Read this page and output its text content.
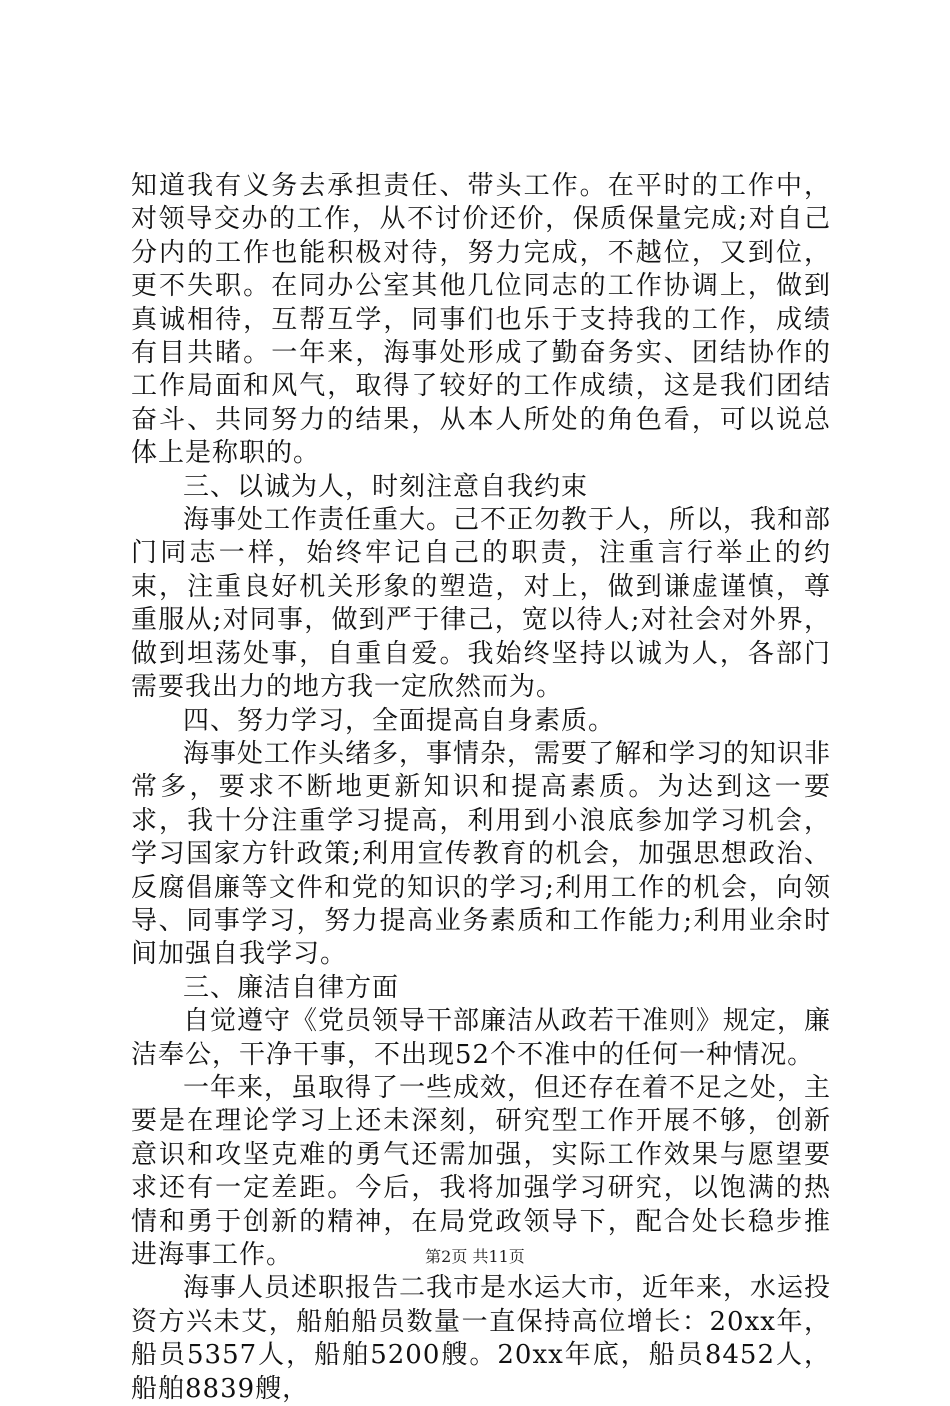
知道我有义务去承担责任、带头工作。在平时的工作中，对领导交办的工作，从不讨价还价，保质保量完成;对自己分内的工作也能积极对待，努力完成，不越位，又到位，更不失职。在同办公室其他几位同志的工作协调上，做到真诚相待，互帮互学，同事们也乐于支持我的工作，成绩有目共睹。一年来，海事处形成了勤奋务实、团结协作的工作局面和风气，取得了较好的工作成绩，这是我们团结奋斗、共同努力的结果，从本人所处的角色看，可以说总体上是称职的。

三、以诚为人，时刻注意自我约束

海事处工作责任重大。己不正勿教于人，所以，我和部门同志一样，始终牢记自己的职责，注重言行举止的约束，注重良好机关形象的塑造，对上，做到谦虚谨慎，尊重服从;对同事，做到严于律己，宽以待人;对社会对外界，做到坦荡处事，自重自爱。我始终坚持以诚为人，各部门需要我出力的地方我一定欣然而为。

四、努力学习，全面提高自身素质。

海事处工作头绪多，事情杂，需要了解和学习的知识非常多，要求不断地更新知识和提高素质。为达到这一要求，我十分注重学习提高，利用到小浪底参加学习机会，学习国家方针政策;利用宣传教育的机会，加强思想政治、反腐倡廉等文件和党的知识的学习;利用工作的机会，向领导、同事学习，努力提高业务素质和工作能力;利用业余时间加强自我学习。

三、廉洁自律方面

自觉遵守《党员领导干部廉洁从政若干准则》规定，廉洁奉公，干净干事，不出现52个不准中的任何一种情况。

一年来，虽取得了一些成效，但还存在着不足之处，主要是在理论学习上还未深刻，研究型工作开展不够，创新意识和攻坚克难的勇气还需加强，实际工作效果与愿望要求还有一定差距。今后，我将加强学习研究，以饱满的热情和勇于创新的精神，在局党政领导下，配合处长稳步推进海事工作。

海事人员述职报告二我市是水运大市，近年来，水运投资方兴未艾，船舶船员数量一直保持高位增长：20xx年，船员5357人，船舶5200艘。20xx年底，船员8452人，船舶8839艘，

第2页 共11页
